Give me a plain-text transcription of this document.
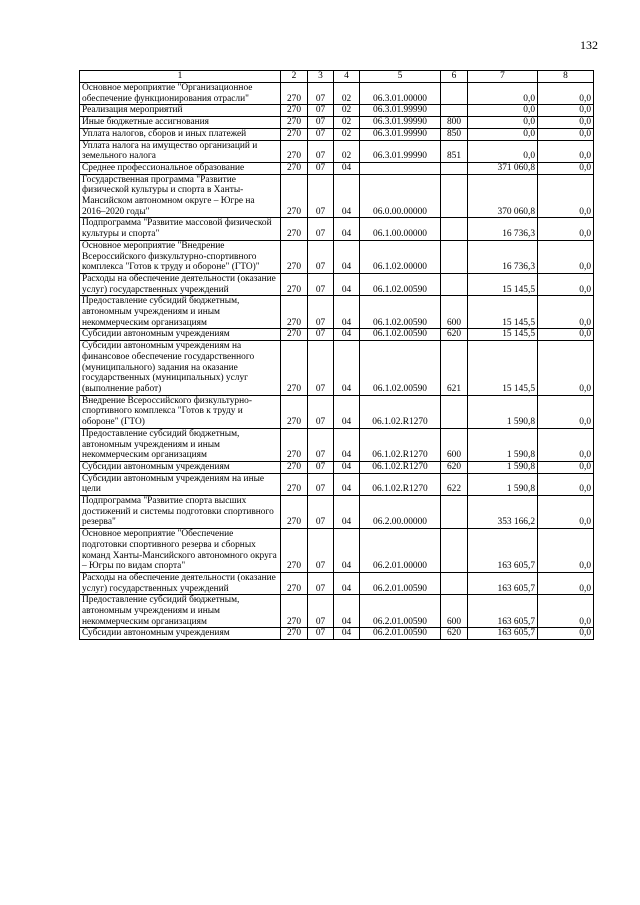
132
1	2	3	4	5	6	7	8
Основное мероприятие "Организационное обеспечение функционирования отрасли"	270	07	02	06.3.01.00000		0,0	0,0
Реализация мероприятий	270	07	02	06.3.01.99990		0,0	0,0
Иные бюджетные ассигнования	270	07	02	06.3.01.99990	800	0,0	0,0
Уплата налогов, сборов и иных платежей	270	07	02	06.3.01.99990	850	0,0	0,0
Уплата налога на имущество организаций и земельного налога	270	07	02	06.3.01.99990	851	0,0	0,0
Среднее профессиональное образование	270	07	04			371 060,8	0,0
Государственная программа "Развитие физической культуры и спорта в Ханты-Мансийском автономном округе – Югре на 2016–2020 годы"	270	07	04	06.0.00.00000		370 060,8	0,0
Подпрограмма "Развитие массовой физической культуры и спорта"	270	07	04	06.1.00.00000		16 736,3	0,0
Основное мероприятие "Внедрение Всероссийского физкультурно-спортивного комплекса "Готов к труду и обороне" (ГТО)"	270	07	04	06.1.02.00000		16 736,3	0,0
Расходы на обеспечение деятельности (оказание услуг) государственных учреждений	270	07	04	06.1.02.00590		15 145,5	0,0
Предоставление субсидий бюджетным, автономным учреждениям и иным некоммерческим организациям	270	07	04	06.1.02.00590	600	15 145,5	0,0
Субсидии автономным учреждениям	270	07	04	06.1.02.00590	620	15 145,5	0,0
Субсидии автономным учреждениям на финансовое обеспечение государственного (муниципального) задания на оказание государственных (муниципальных) услуг (выполнение работ)	270	07	04	06.1.02.00590	621	15 145,5	0,0
Внедрение Всероссийского физкультурно-спортивного комплекса "Готов к труду и обороне" (ГТО)	270	07	04	06.1.02.R1270		1 590,8	0,0
Предоставление субсидий бюджетным, автономным учреждениям и иным некоммерческим организациям	270	07	04	06.1.02.R1270	600	1 590,8	0,0
Субсидии автономным учреждениям	270	07	04	06.1.02.R1270	620	1 590,8	0,0
Субсидии автономным учреждениям на иные цели	270	07	04	06.1.02.R1270	622	1 590,8	0,0
Подпрограмма "Развитие спорта высших достижений и системы подготовки спортивного резерва"	270	07	04	06.2.00.00000		353 166,2	0,0
Основное мероприятие "Обеспечение подготовки спортивного резерва и сборных команд Ханты-Мансийского автономного округа – Югры по видам спорта"	270	07	04	06.2.01.00000		163 605,7	0,0
Расходы на обеспечение деятельности (оказание услуг) государственных учреждений	270	07	04	06.2.01.00590		163 605,7	0,0
Предоставление субсидий бюджетным, автономным учреждениям и иным некоммерческим организациям	270	07	04	06.2.01.00590	600	163 605,7	0,0
Субсидии автономным учреждениям	270	07	04	06.2.01.00590	620	163 605,7	0,0
